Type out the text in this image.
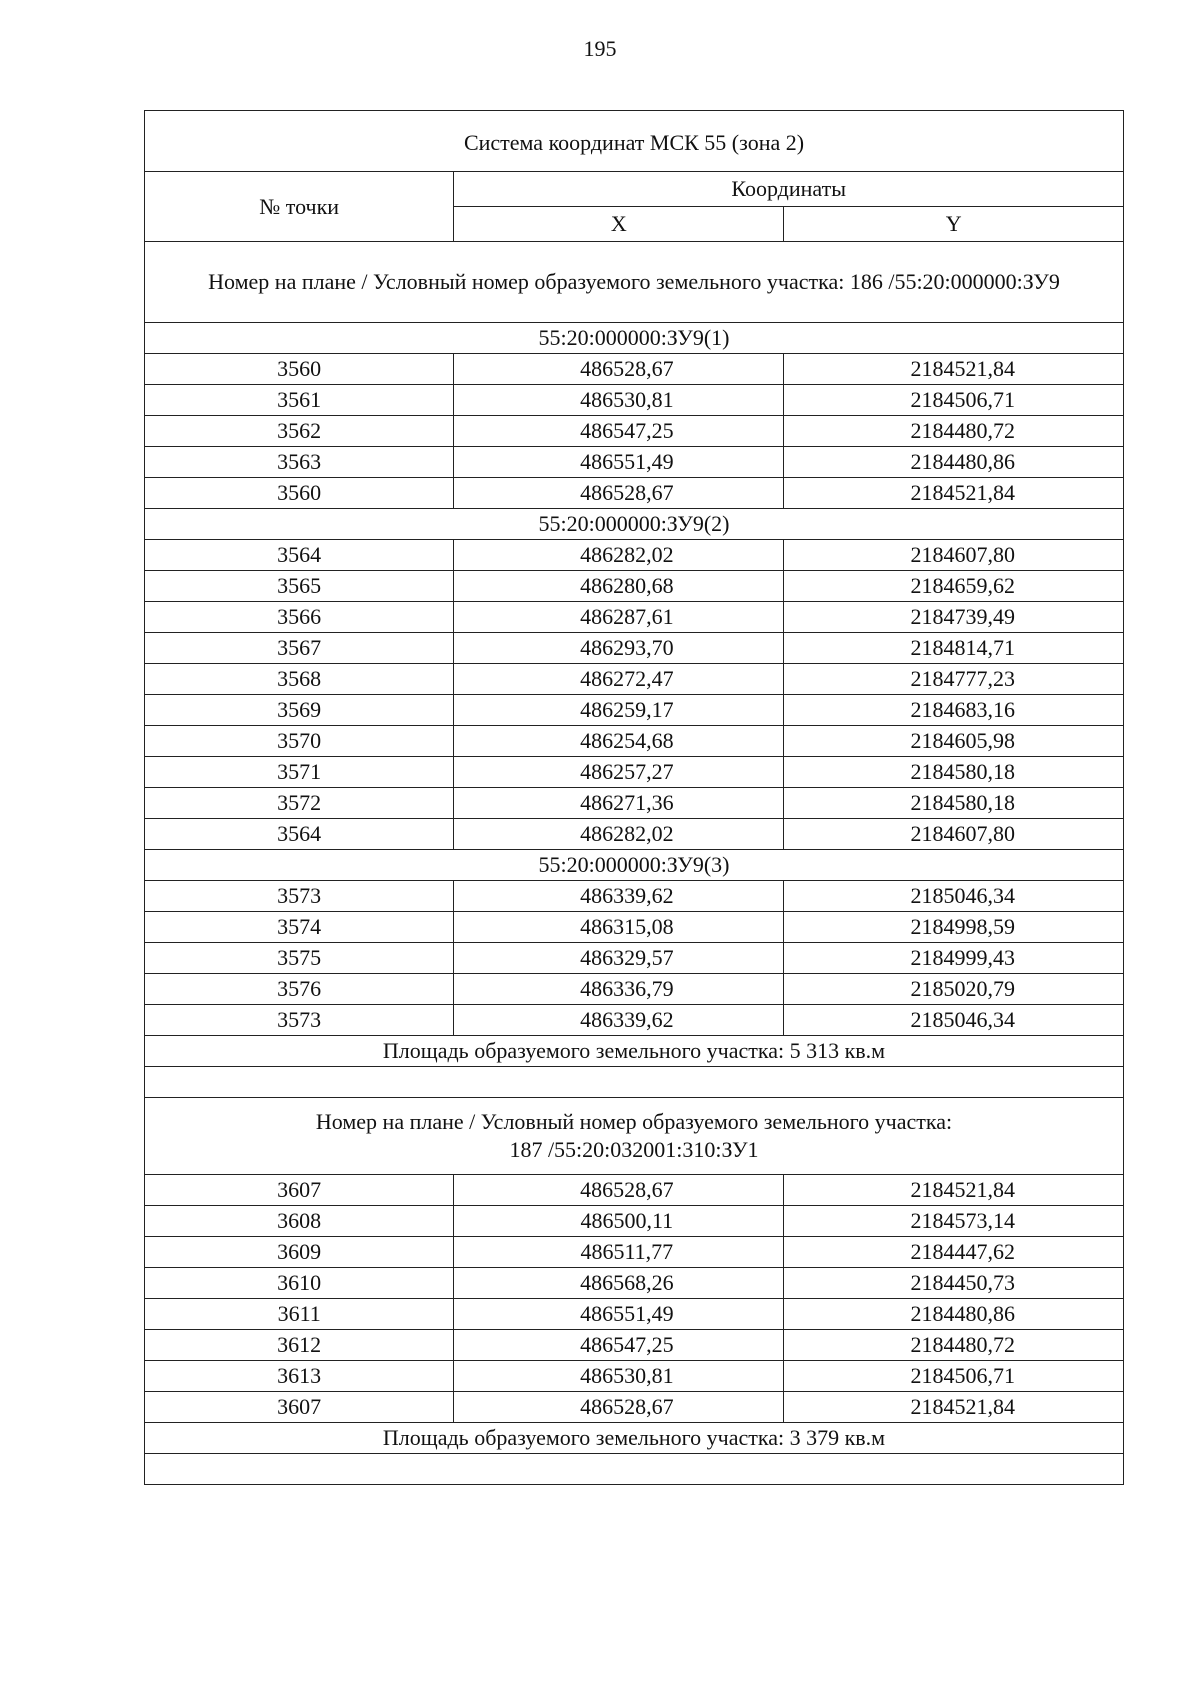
195
Система координат МСК 55 (зона 2)		
№ точки	Координаты	
	X	Y
Номер на плане / Условный номер образуемого земельного участка: 186 /55:20:000000:ЗУ9		
55:20:000000:ЗУ9(1)		
3560	486528,67	2184521,84
3561	486530,81	2184506,71
3562	486547,25	2184480,72
3563	486551,49	2184480,86
3560	486528,67	2184521,84
55:20:000000:ЗУ9(2)		
3564	486282,02	2184607,80
3565	486280,68	2184659,62
3566	486287,61	2184739,49
3567	486293,70	2184814,71
3568	486272,47	2184777,23
3569	486259,17	2184683,16
3570	486254,68	2184605,98
3571	486257,27	2184580,18
3572	486271,36	2184580,18
3564	486282,02	2184607,80
55:20:000000:ЗУ9(3)		
3573	486339,62	2185046,34
3574	486315,08	2184998,59
3575	486329,57	2184999,43
3576	486336,79	2185020,79
3573	486339,62	2185046,34
Площадь образуемого земельного участка: 5 313 кв.м		

Номер на плане / Условный номер образуемого земельного участка:
187 /55:20:032001:310:ЗУ1		
3607	486528,67	2184521,84
3608	486500,11	2184573,14
3609	486511,77	2184447,62
3610	486568,26	2184450,73
3611	486551,49	2184480,86
3612	486547,25	2184480,72
3613	486530,81	2184506,71
3607	486528,67	2184521,84
Площадь образуемого земельного участка: 3 379 кв.м		
